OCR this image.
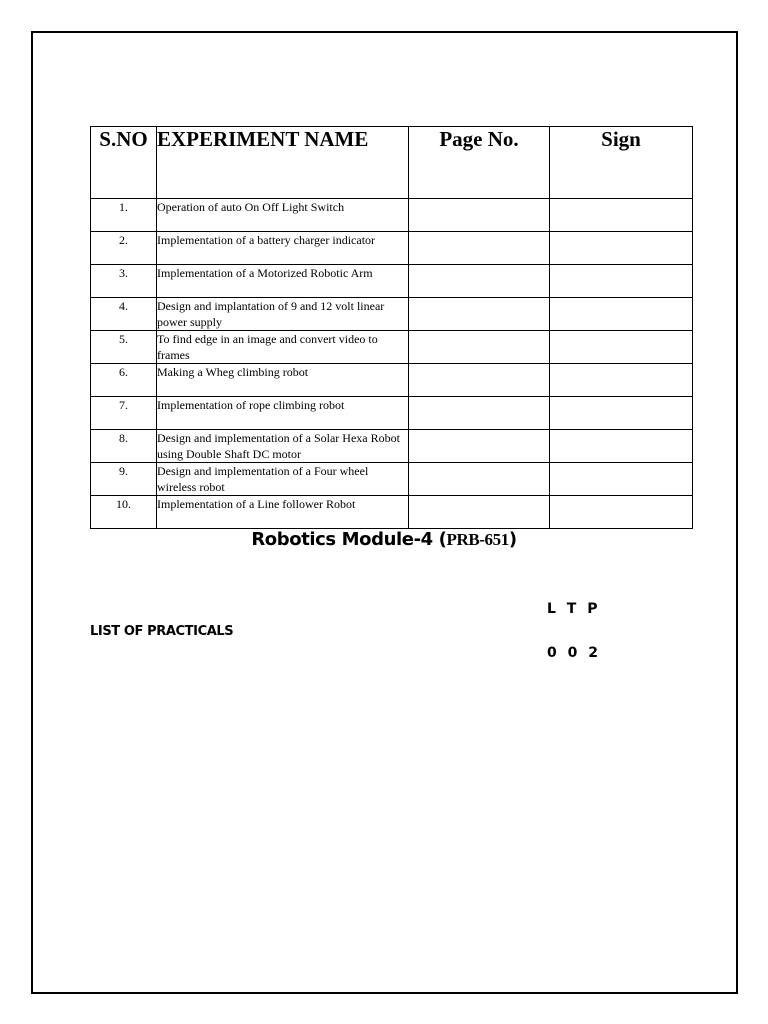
S.NO	EXPERIMENT NAME	Page No.	Sign
1.	Operation of auto On Off Light Switch		
2.	Implementation of a battery charger indicator		
3.	Implementation of a Motorized Robotic Arm		
4.	Design and implantation of 9 and 12 volt linear power supply		
5.	To find edge in an image and convert video to frames		
6.	Making a Wheg climbing robot		
7.	Implementation of rope climbing robot		
8.	Design and implementation of a Solar Hexa Robot using Double Shaft DC motor		
9.	Design and implementation of a Four wheel wireless robot		
10.	Implementation of a Line follower Robot		
Robotics Module-4 (PRB-651)
LIST OF PRACTICALS
L T P
0 0 2
